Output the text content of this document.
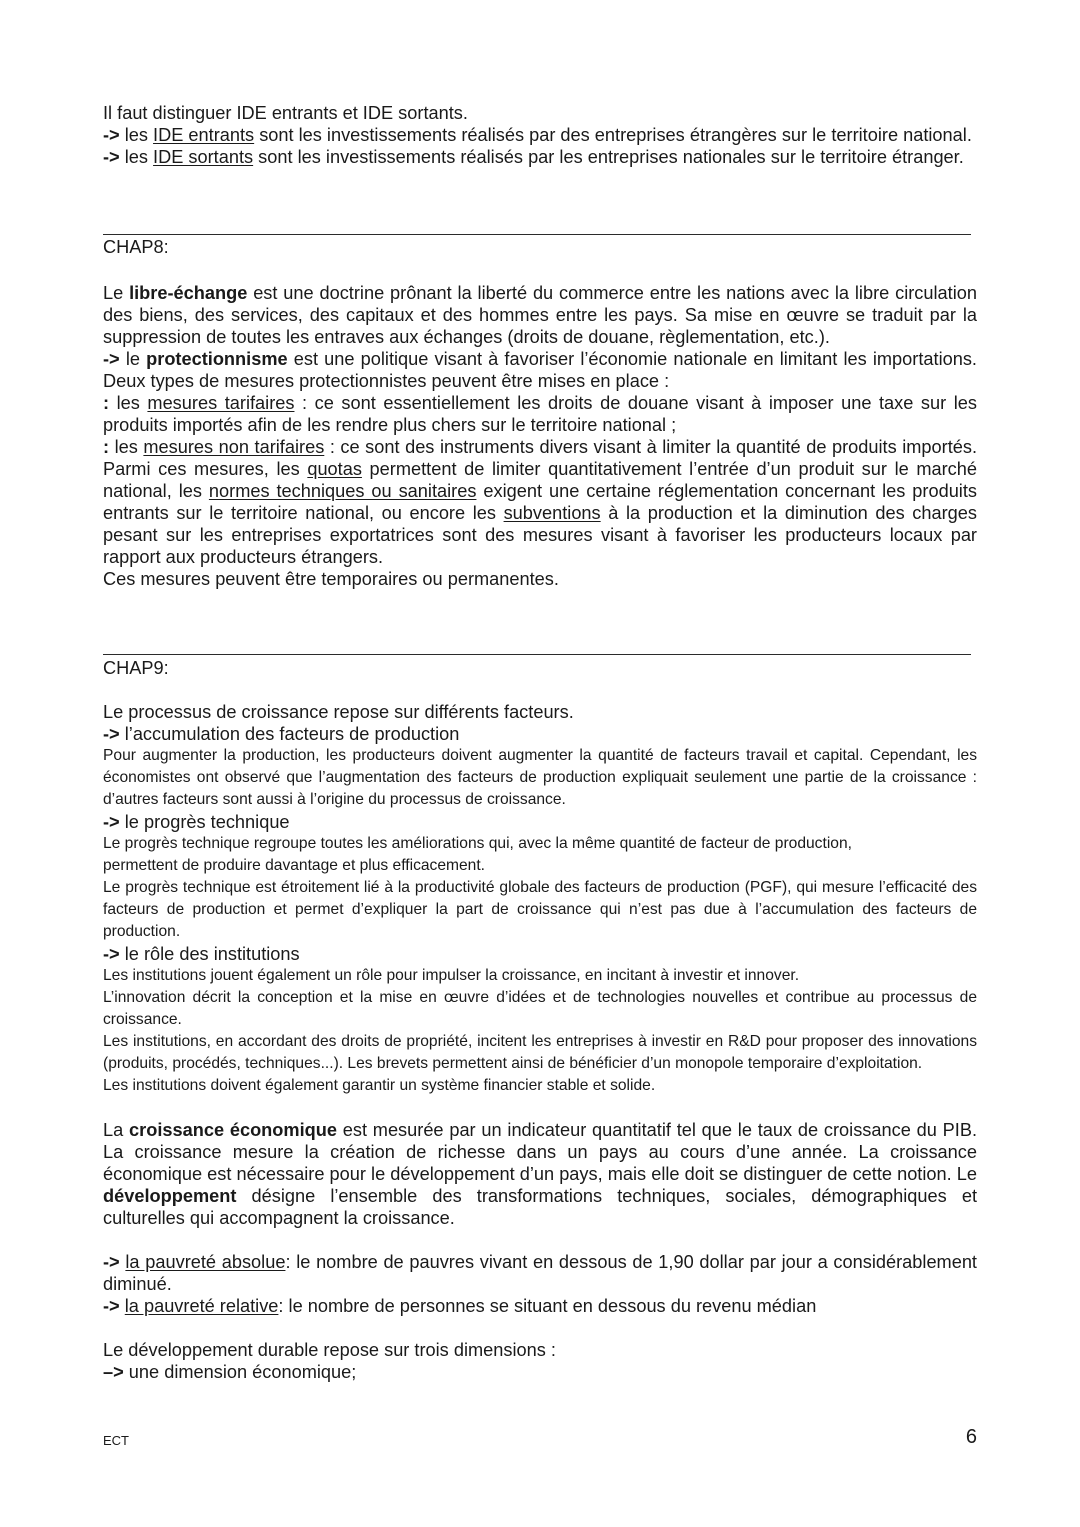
Il faut distinguer IDE entrants et IDE sortants.

-> les IDE entrants sont les investissements réalisés par des entreprises étrangères sur le territoire national.

-> les IDE sortants sont les investissements réalisés par les entreprises nationales sur le territoire étranger.

CHAP8:

Le libre-échange est une doctrine prônant la liberté du commerce entre les nations avec la libre circulation des biens, des services, des capitaux et des hommes entre les pays. Sa mise en œuvre se traduit par la suppression de toutes les entraves aux échanges (droits de douane, règlementation, etc.).

-> le protectionnisme est une politique visant à favoriser l’économie nationale en limitant les importations. Deux types de mesures protectionnistes peuvent être mises en place :

: les mesures tarifaires : ce sont essentiellement les droits de douane visant à imposer une taxe sur les produits importés afin de les rendre plus chers sur le territoire national ;

: les mesures non tarifaires : ce sont des instruments divers visant à limiter la quantité de produits importés. Parmi ces mesures, les quotas permettent de limiter quantitativement l’entrée d’un produit sur le marché national, les normes techniques ou sanitaires exigent une certaine réglementation concernant les produits entrants sur le territoire national, ou encore les subventions à la production et la diminution des charges pesant sur les entreprises exportatrices sont des mesures visant à favoriser les producteurs locaux par rapport aux producteurs étrangers.

Ces mesures peuvent être temporaires ou permanentes.

CHAP9:

Le processus de croissance repose sur différents facteurs.

-> l’accumulation des facteurs de production

Pour augmenter la production, les producteurs doivent augmenter la quantité de facteurs travail et capital. Cependant, les économistes ont observé que l’augmentation des facteurs de production expliquait seulement une partie de la croissance : d’autres facteurs sont aussi à l’origine du processus de croissance.

-> le progrès technique

Le progrès technique regroupe toutes les améliorations qui, avec la même quantité de facteur de production, permettent de produire davantage et plus efficacement.

Le progrès technique est étroitement lié à la productivité globale des facteurs de production (PGF), qui mesure l’efficacité des facteurs de production et permet d’expliquer la part de croissance qui n’est pas due à l’accumulation des facteurs de production.

-> le rôle des institutions

Les institutions jouent également un rôle pour impulser la croissance, en incitant à investir et innover.

L’innovation décrit la conception et la mise en œuvre d’idées et de technologies nouvelles et contribue au processus de croissance.

Les institutions, en accordant des droits de propriété, incitent les entreprises à investir en R&D pour proposer des innovations (produits, procédés, techniques...). Les brevets permettent ainsi de bénéficier d’un monopole temporaire d’exploitation.

Les institutions doivent également garantir un système financier stable et solide.

La croissance économique est mesurée par un indicateur quantitatif tel que le taux de croissance du PIB. La croissance mesure la création de richesse dans un pays au cours d’une année. La croissance économique est nécessaire pour le développement d’un pays, mais elle doit se distinguer de cette notion. Le développement désigne l’ensemble des transformations techniques, sociales, démographiques et culturelles qui accompagnent la croissance.

-> la pauvreté absolue: le nombre de pauvres vivant en dessous de 1,90 dollar par jour a considérablement diminué.

-> la pauvreté relative: le nombre de personnes se situant en dessous du revenu médian

Le développement durable repose sur trois dimensions :

–> une dimension économique;

ECT	6
